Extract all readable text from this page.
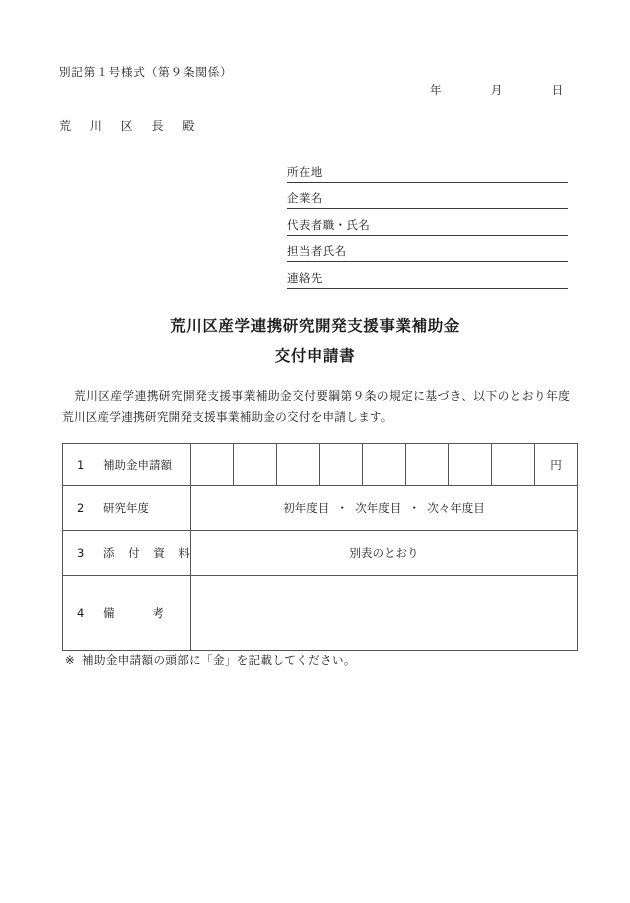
別記第１号様式（第９条関係）
年	月	日
荒 川 区 長 殿
所在地
企業名
代表者職・氏名
担当者氏名
連絡先
荒川区産学連携研究開発支援事業補助金
交付申請書
荒川区産学連携研究開発支援事業補助金交付要綱第９条の規定に基づき、以下のとおり年度荒川区産学連携研究開発支援事業補助金の交付を申請します。
1 補助金申請額									円
2 研究年度	初年度目 ・ 次年度目 ・ 次々年度目								
3 添 付 資 料	別表のとおり								
4 備　　考									
※ 補助金申請額の頭部に「金」を記載してください。
